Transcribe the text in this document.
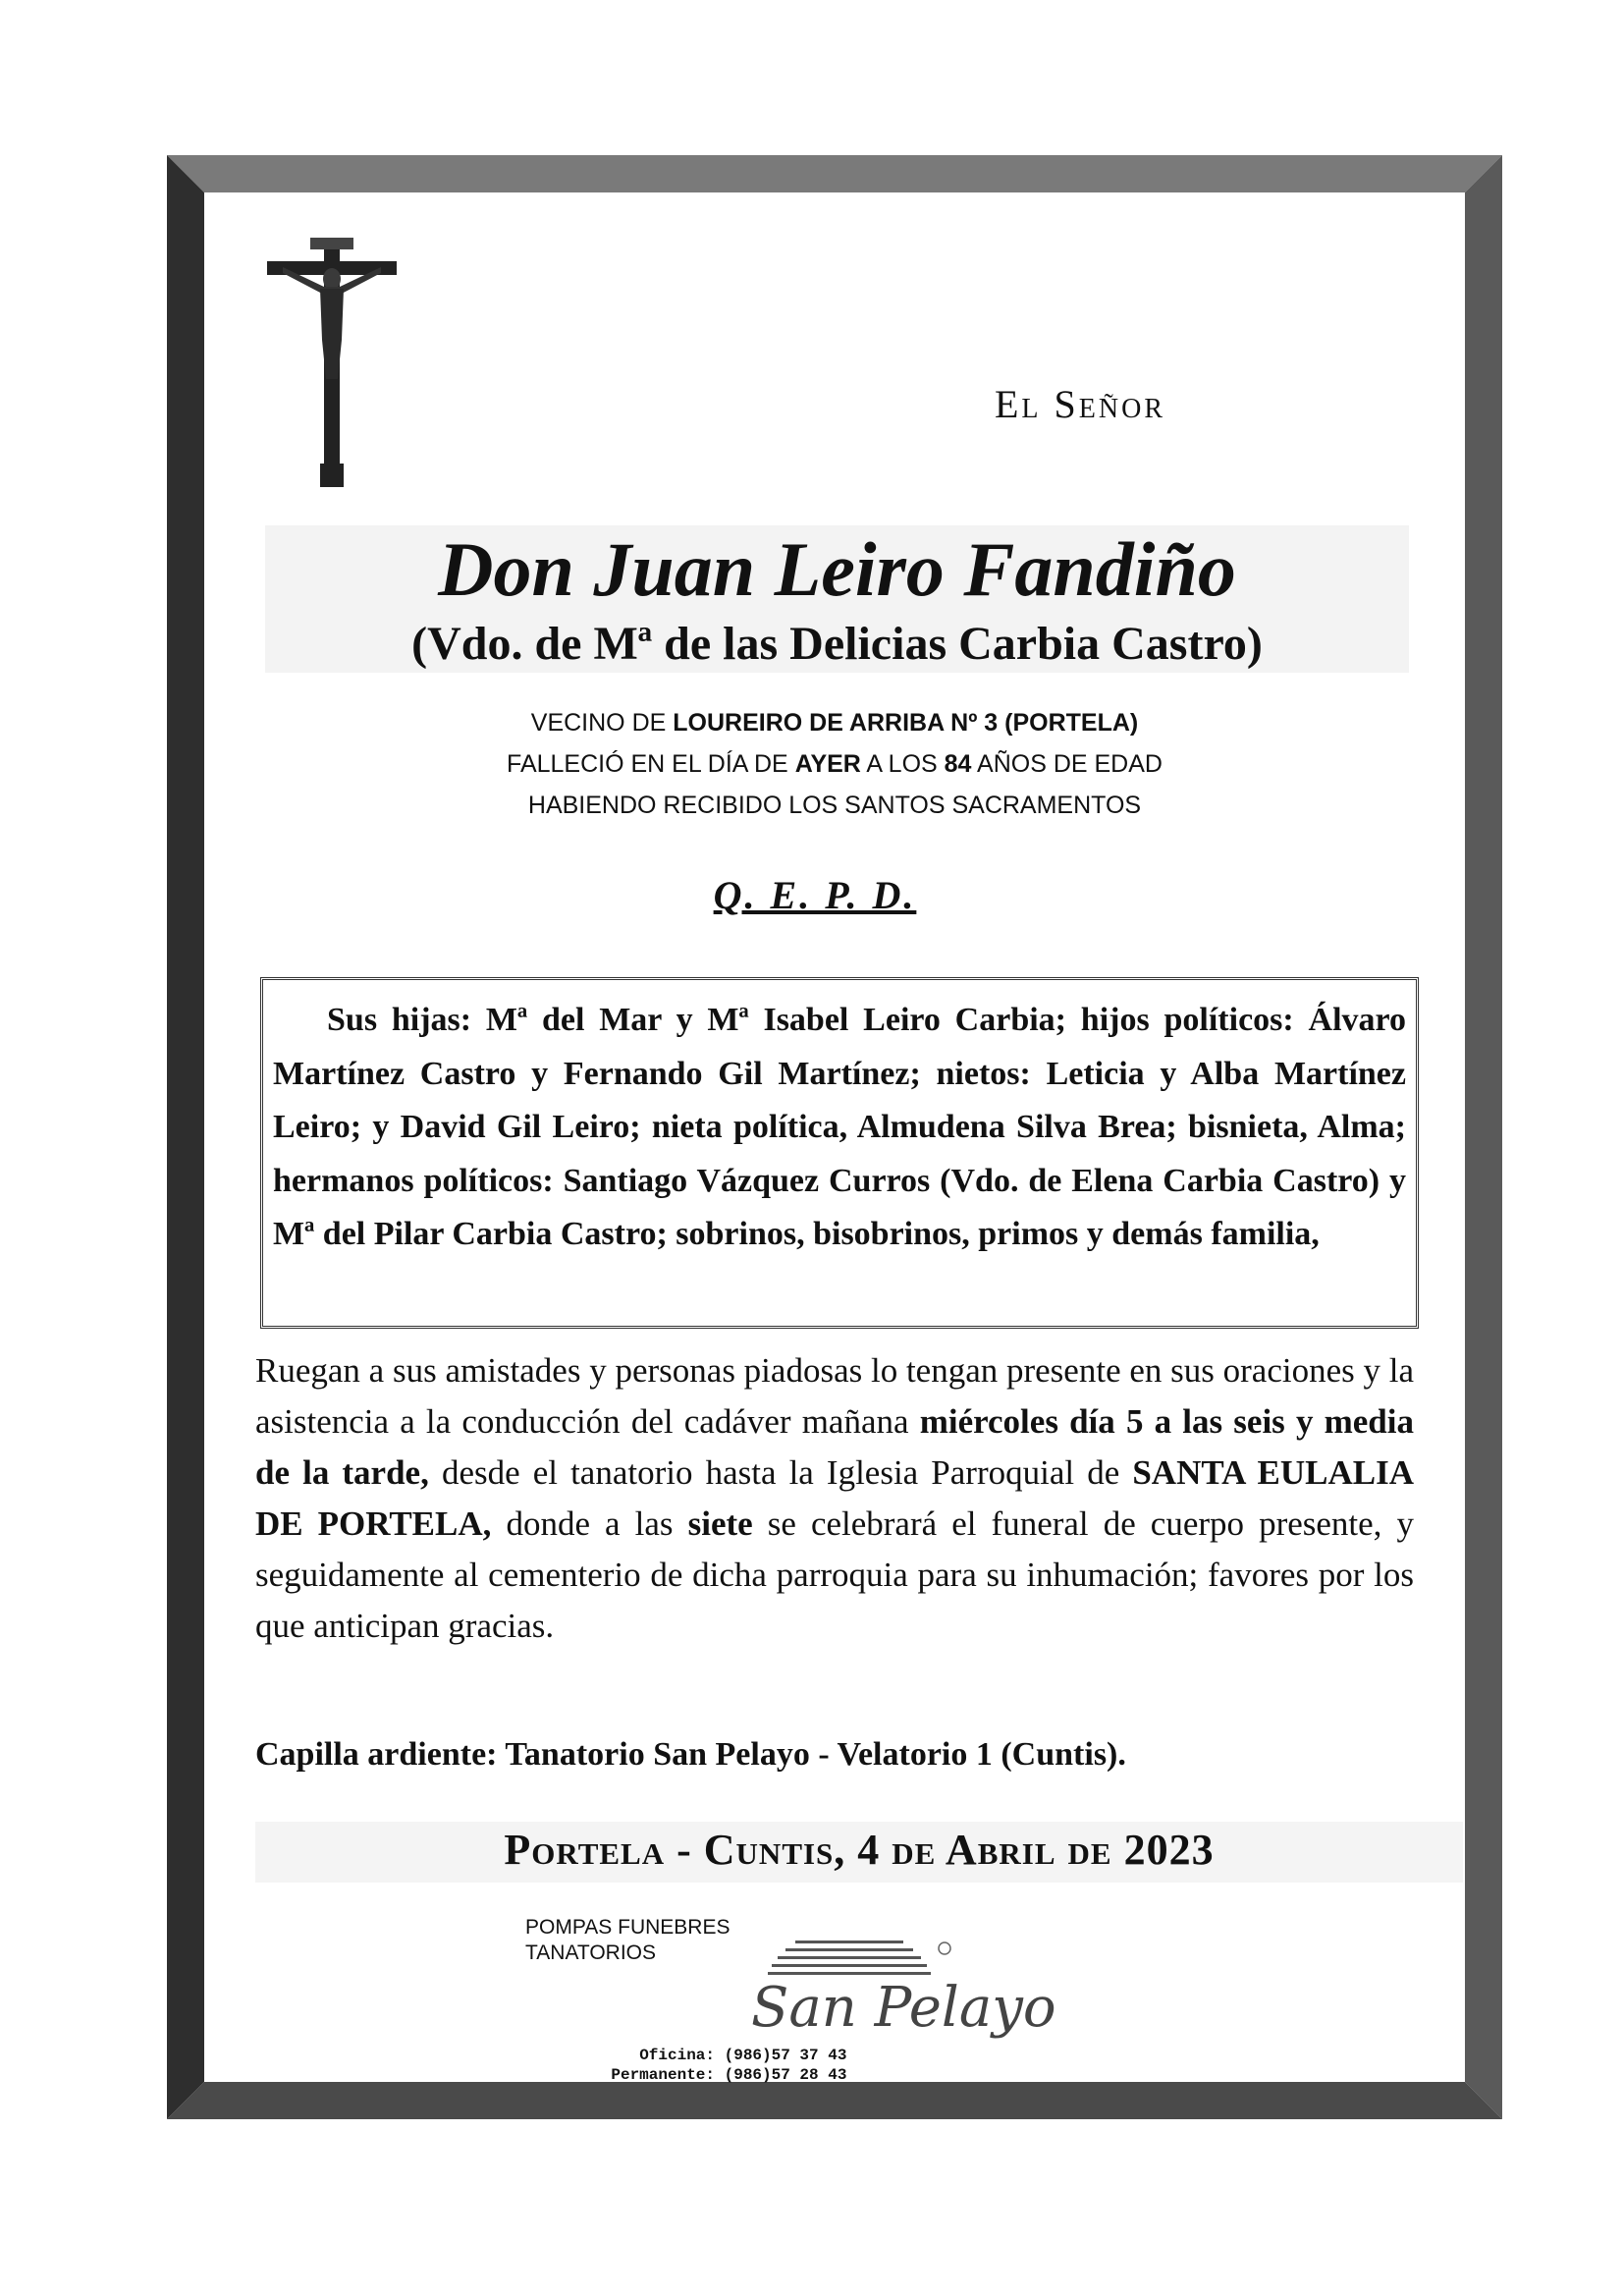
El Señor
Don Juan Leiro Fandiño
(Vdo. de Mª de las Delicias Carbia Castro)
VECINO DE LOUREIRO DE ARRIBA Nº 3 (PORTELA)
FALLECIÓ EN EL DÍA DE AYER A LOS 84 AÑOS DE EDAD
HABIENDO RECIBIDO LOS SANTOS SACRAMENTOS
Q. E. P. D.
Sus hijas: Mª del Mar y Mª Isabel Leiro Carbia; hijos políticos: Álvaro Martínez Castro y Fernando Gil Martínez; nietos: Leticia y Alba Martínez Leiro; y David Gil Leiro; nieta política, Almudena Silva Brea; bisnieta, Alma; hermanos políticos: Santiago Vázquez Curros (Vdo. de Elena Carbia Castro) y Mª del Pilar Carbia Castro; sobrinos, bisobrinos, primos y demás familia,
Ruegan a sus amistades y personas piadosas lo tengan presente en sus oraciones y la asistencia a la conducción del cadáver mañana miércoles día 5 a las seis y media de la tarde, desde el tanatorio hasta la Iglesia Parroquial de SANTA EULALIA DE PORTELA, donde a las siete se celebrará el funeral de cuerpo presente, y seguidamente al cementerio de dicha parroquia para su inhumación; favores por los que anticipan gracias.
Capilla ardiente: Tanatorio San Pelayo - Velatorio 1 (Cuntis).
Portela - Cuntis, 4 de Abril de 2023
POMPAS FUNEBRES
TANATORIOS
San Pelayo
Oficina: (986)57 37 43
Permanente: (986)57 28 43
